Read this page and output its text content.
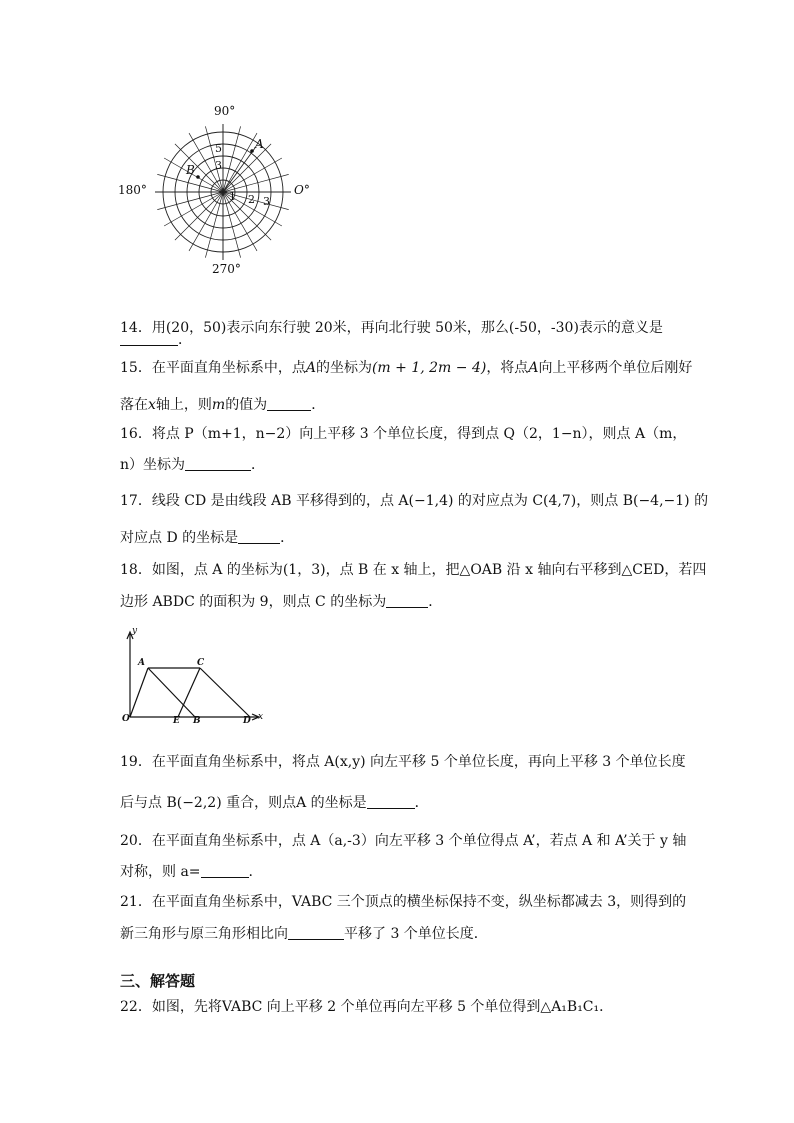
90°
180°	O°
270°
A
B
5
3
1 2 3
14．用(20，50)表示向东行驶 20米，再向北行驶 50米，那么(-50，-30)表示的意义是
．
15．在平面直角坐标系中，点A的坐标为(m + 1, 2m − 4)，将点A向上平移两个单位后刚好
落在x轴上，则m的值为	．
16．将点 P（m+1，n−2）向上平移 3 个单位长度，得到点 Q（2，1−n），则点 A（m，
n）坐标为	．
17．线段 CD 是由线段 AB 平移得到的，点 A(−1,4) 的对应点为 C(4,7)，则点 B(−4,−1) 的
对应点 D 的坐标是	．
18．如图，点 A 的坐标为(1，3)，点 B 在 x 轴上，把△OAB 沿 x 轴向右平移到△CED，若四
边形 ABDC 的面积为 9，则点 C 的坐标为	．
y
x
O
A	C
E B	D
19．在平面直角坐标系中，将点 A(x,y) 向左平移 5 个单位长度，再向上平移 3 个单位长度
后与点 B(−2,2) 重合，则点A 的坐标是	．
20．在平面直角坐标系中，点 A（a,-3）向左平移 3 个单位得点 A’，若点 A 和 A’关于 y 轴
对称，则 a=	.
21．在平面直角坐标系中，VABC 三个顶点的横坐标保持不变，纵坐标都减去 3，则得到的
新三角形与原三角形相比向	平移了 3 个单位长度．
三、解答题
22．如图，先将VABC 向上平移 2 个单位再向左平移 5 个单位得到△A₁B₁C₁．
